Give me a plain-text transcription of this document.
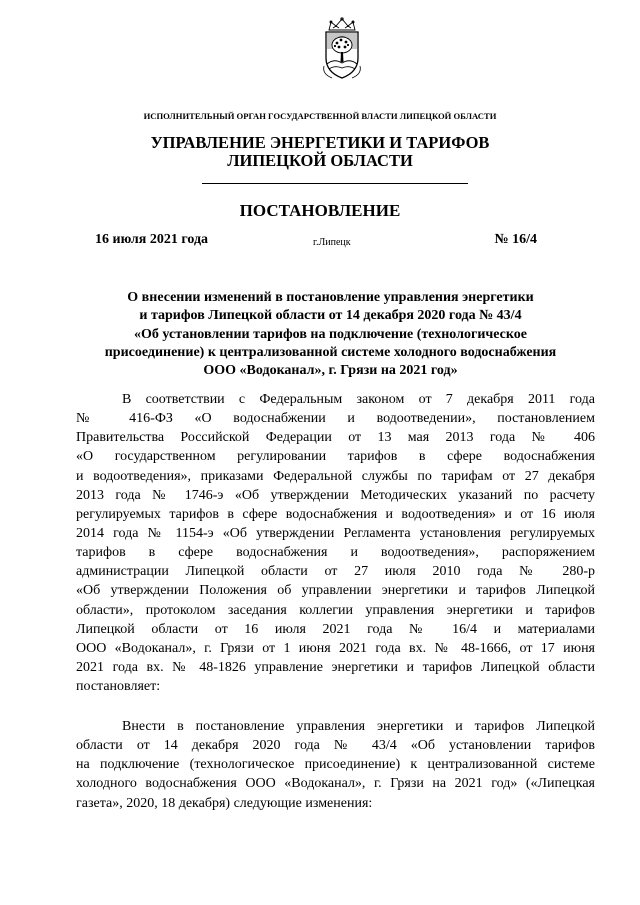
ИСПОЛНИТЕЛЬНЫЙ ОРГАН ГОСУДАРСТВЕННОЙ ВЛАСТИ ЛИПЕЦКОЙ ОБЛАСТИ
УПРАВЛЕНИЕ ЭНЕРГЕТИКИ И ТАРИФОВ
ЛИПЕЦКОЙ ОБЛАСТИ
ПОСТАНОВЛЕНИЕ
16 июля 2021 года	г.Липецк	№ 16/4
О внесении изменений в постановление управления энергетики
и тарифов Липецкой области от 14 декабря 2020 года № 43/4
«Об установлении тарифов на подключение (технологическое
присоединение) к централизованной системе холодного водоснабжения
ООО «Водоканал», г. Грязи на 2021 год»
В соответствии с Федеральным законом от 7 декабря 2011 года
№ 416-ФЗ «О водоснабжении и водоотведении», постановлением
Правительства Российской Федерации от 13 мая 2013 года № 406
«О государственном регулировании тарифов в сфере водоснабжения
и водоотведения», приказами Федеральной службы по тарифам от 27 декабря
2013 года № 1746-э «Об утверждении Методических указаний по расчету
регулируемых тарифов в сфере водоснабжения и водоотведения» и от 16 июля
2014 года № 1154-э «Об утверждении Регламента установления регулируемых
тарифов в сфере водоснабжения и водоотведения», распоряжением
администрации Липецкой области от 27 июля 2010 года № 280-р
«Об утверждении Положения об управлении энергетики и тарифов Липецкой
области», протоколом заседания коллегии управления энергетики и тарифов
Липецкой области от 16 июля 2021 года № 16/4 и материалами
ООО «Водоканал», г. Грязи от 1 июня 2021 года вх. № 48-1666, от 17 июня
2021 года вх. № 48-1826 управление энергетики и тарифов Липецкой области
постановляет:
Внести в постановление управления энергетики и тарифов Липецкой
области от 14 декабря 2020 года № 43/4 «Об установлении тарифов
на подключение (технологическое присоединение) к централизованной системе
холодного водоснабжения ООО «Водоканал», г. Грязи на 2021 год» («Липецкая
газета», 2020, 18 декабря) следующие изменения:
